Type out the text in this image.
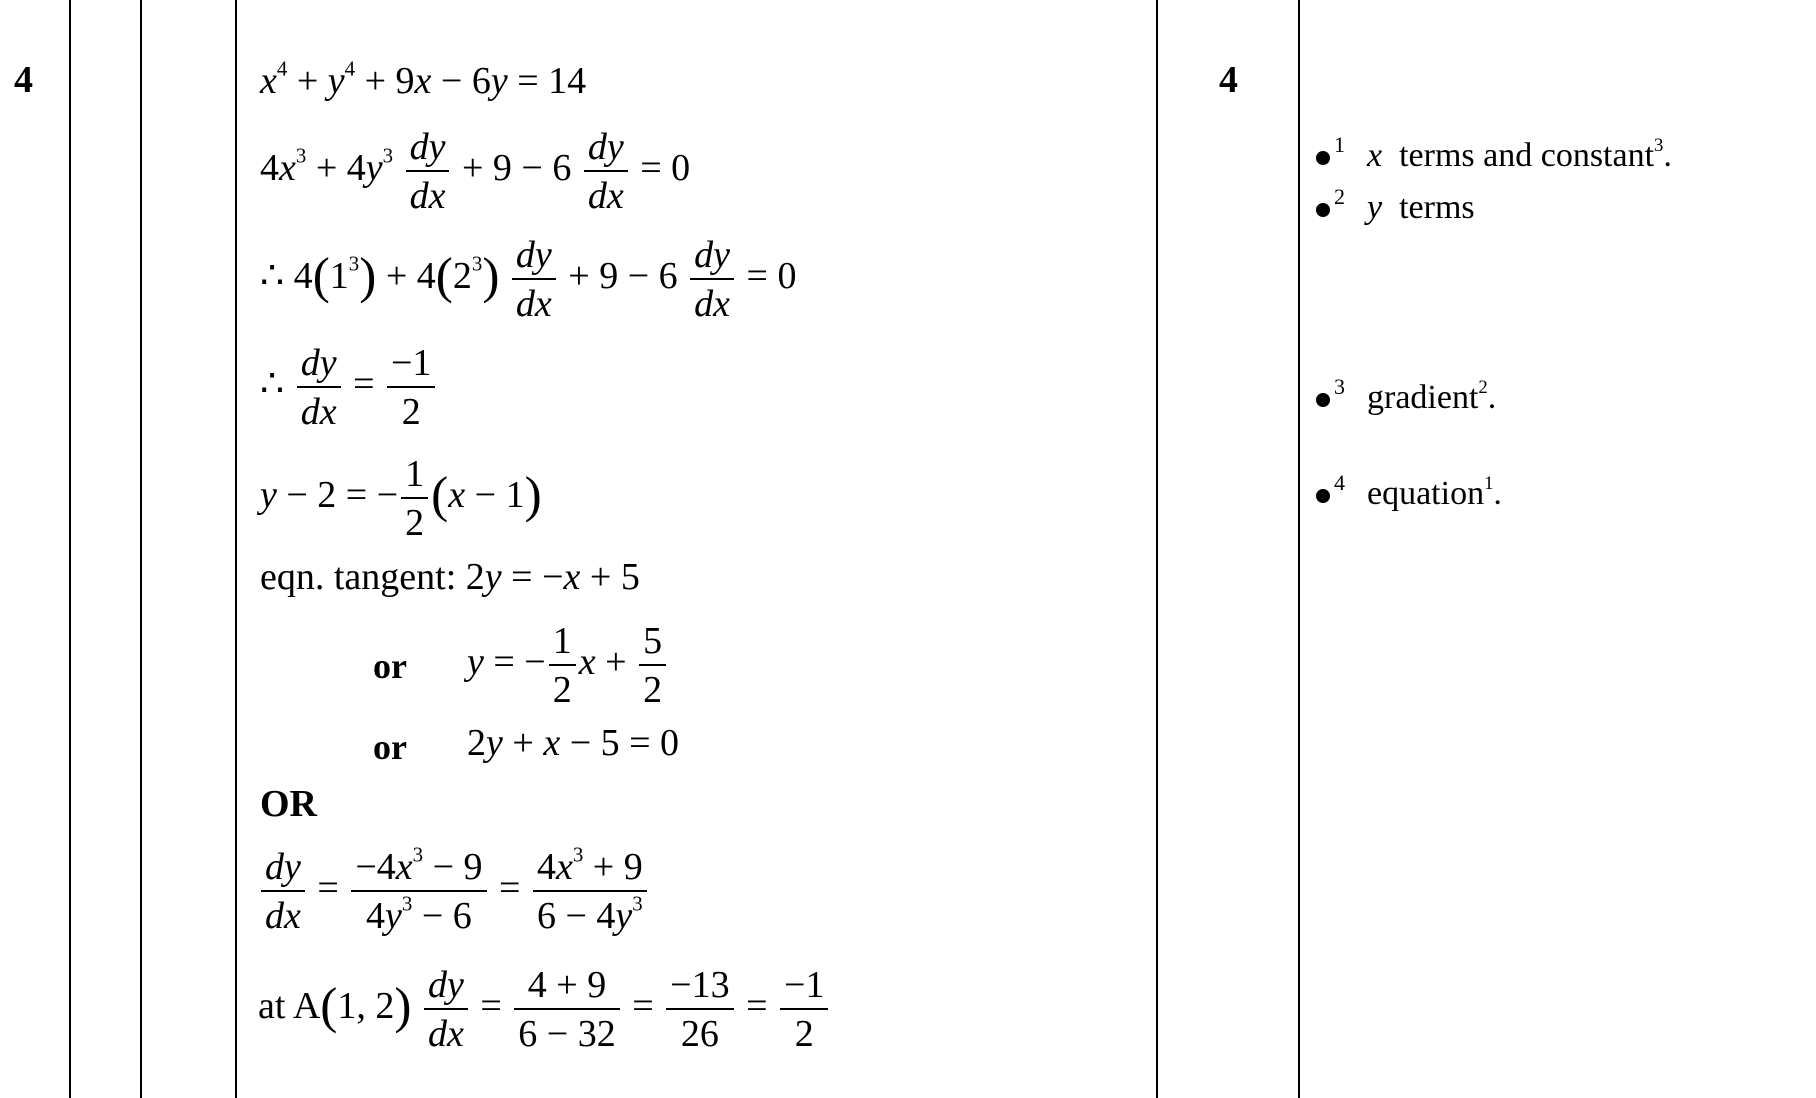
4	4
$x^4 + y^4 + 9x - 6y = 14$
$4x^3 + 4y^3 \frac{dy}{dx} + 9 - 6 \frac{dy}{dx} = 0$
∴ $4(1^3) + 4(2^3) \frac{dy}{dx} + 9 - 6 \frac{dy}{dx} = 0$
∴ $\frac{dy}{dx} = \frac{-1}{2}$
y − 2 = − $\frac{1}{2} (x - 1)$
eqn. tangent: 2y = −x + 5
or y = − $\frac{1}{2}$ $x + \frac{5}{2}$
or 2y + x − 5 = 0
OR
$\frac{dy}{dx} = \frac{-4x^3 - 9}{4y^3 - 6} = \frac{4x^3 + 9}{6 - 4y^3}$
at A(1, $2) \frac{dy}{dx} = \frac{4 + 9}{6 - 32} = \frac{-13}{26} = \frac{-1}{2}$
$^1$ x terms and constant$^3$.
$^2$ y terms
$^3$ gradient$^2$.
$^4$ equation$^1$.
